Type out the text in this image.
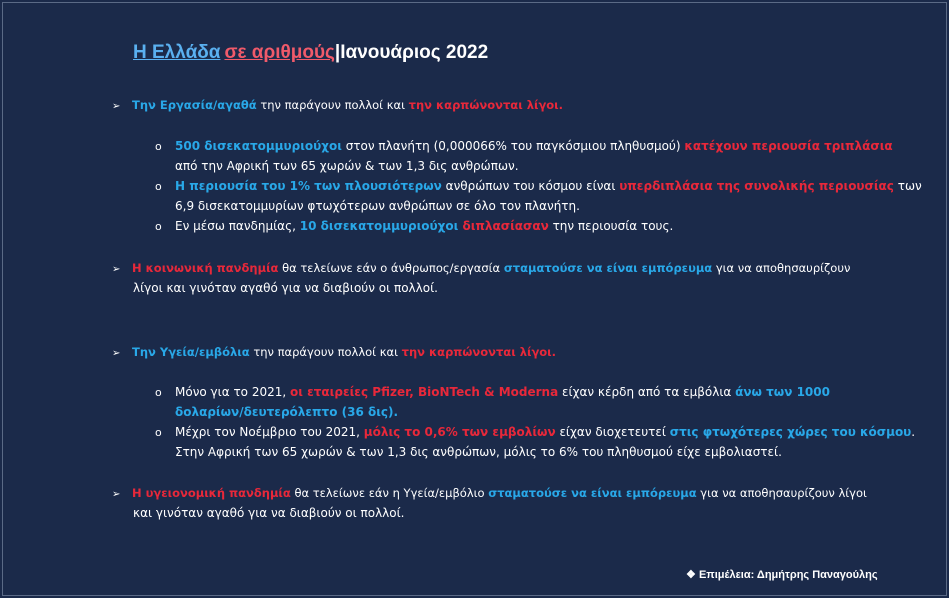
Η Ελλάδα σε αριθμούς|Ιανουάριος 2022
➢ Την Εργασία/αγαθά την παράγουν πολλοί και την καρπώνονται λίγοι.
o 500 δισεκατομμυριούχοι στον πλανήτη (0,000066% του παγκόσμιου πληθυσμού) κατέχουν περιουσία τριπλάσια
από την Αφρική των 65 χωρών & των 1,3 δις ανθρώπων.
o Η περιουσία του 1% των πλουσιότερων ανθρώπων του κόσμου είναι υπερδιπλάσια της συνολικής περιουσίας των
6,9 δισεκατομμυρίων φτωχότερων ανθρώπων σε όλο τον πλανήτη.
o Εν μέσω πανδημίας, 10 δισεκατομμυριούχοι διπλασίασαν την περιουσία τους.
➢ Η κοινωνική πανδημία θα τελείωνε εάν ο άνθρωπος/εργασία σταματούσε να είναι εμπόρευμα για να αποθησαυρίζουν
λίγοι και γινόταν αγαθό για να διαβιούν οι πολλοί.
➢ Την Υγεία/εμβόλια την παράγουν πολλοί και την καρπώνονται λίγοι.
o Μόνο για το 2021, οι εταιρείες Pfizer, BioNTech & Moderna είχαν κέρδη από τα εμβόλια άνω των 1000
δολαρίων/δευτερόλεπτο (36 δις).
o Μέχρι τον Νοέμβριο του 2021, μόλις το 0,6% των εμβολίων είχαν διοχετευτεί στις φτωχότερες χώρες του κόσμου.
Στην Αφρική των 65 χωρών & των 1,3 δις ανθρώπων, μόλις το 6% του πληθυσμού είχε εμβολιαστεί.
➢ Η υγειονομική πανδημία θα τελείωνε εάν η Υγεία/εμβόλιο σταματούσε να είναι εμπόρευμα για να αποθησαυρίζουν λίγοι
και γινόταν αγαθό για να διαβιούν οι πολλοί.
❖ Επιμέλεια: Δημήτρης Παναγούλης
